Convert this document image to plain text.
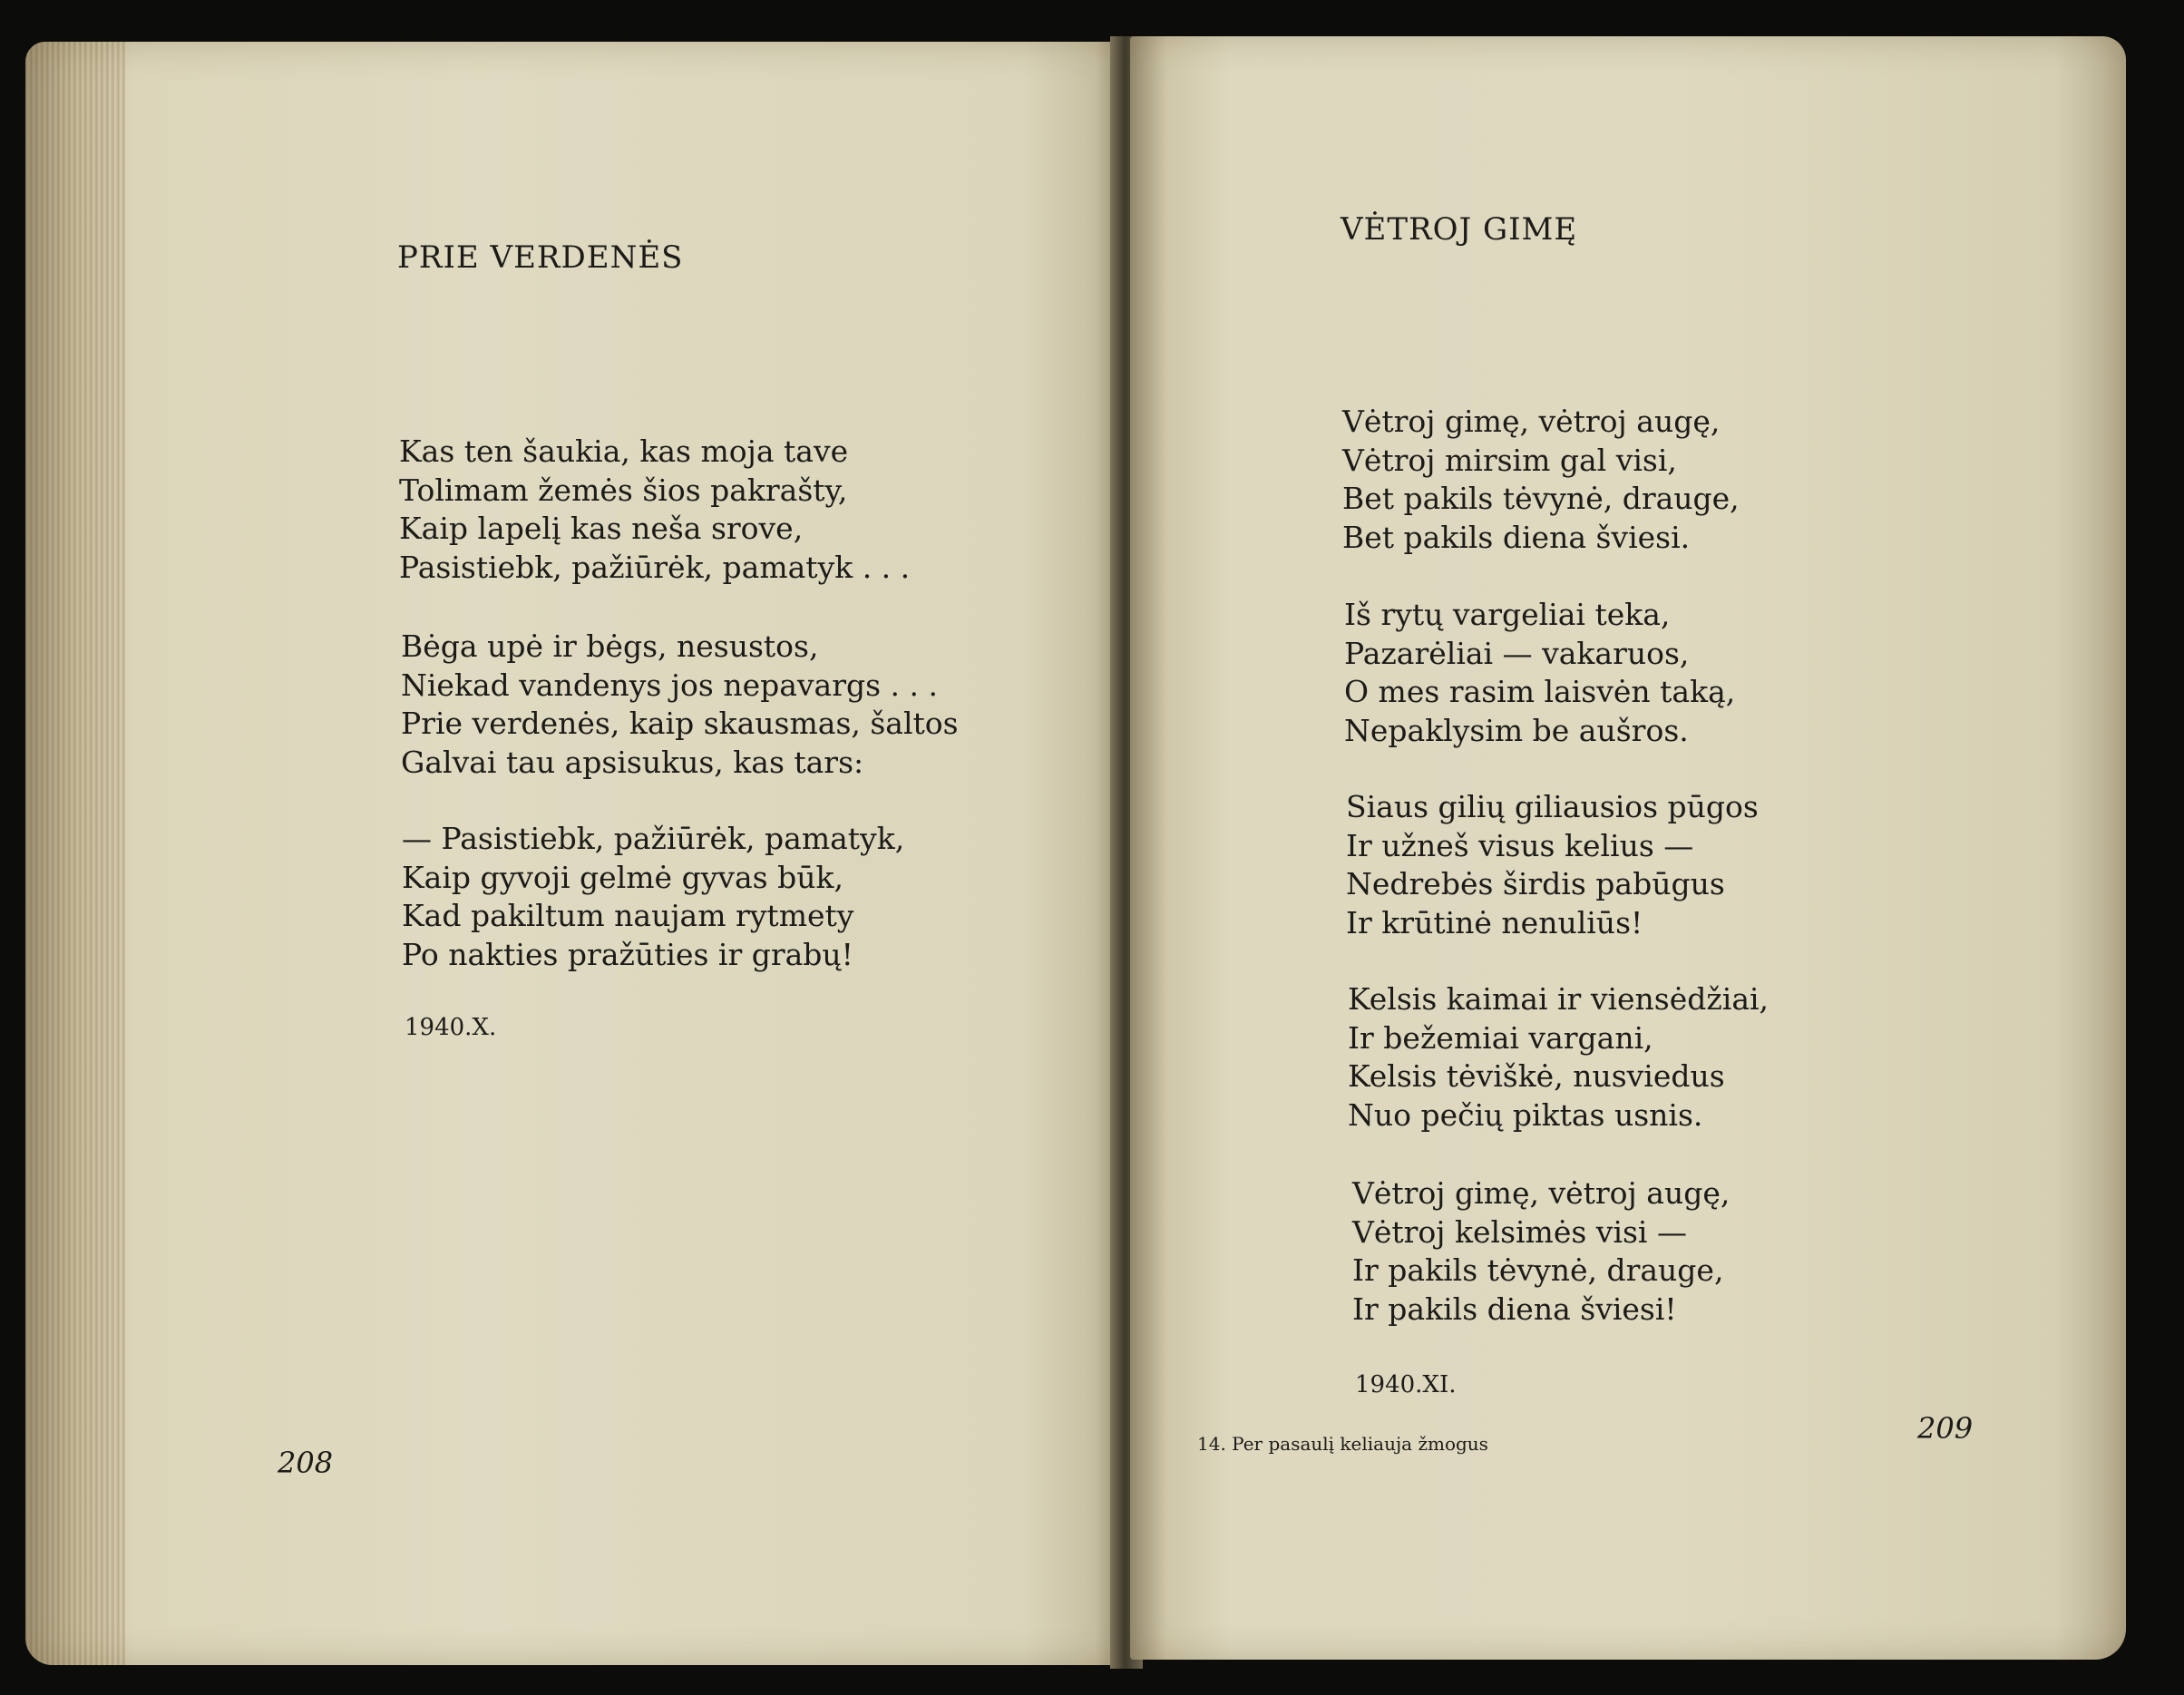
PRIE VERDENĖS
Kas ten šaukia, kas moja tave
Tolimam žemės šios pakrašty,
Kaip lapelį kas neša srove,
Pasistiebk, pažiūrėk, pamatyk . . .
Bėga upė ir bėgs, nesustos,
Niekad vandenys jos nepavargs . . .
Prie verdenės, kaip skausmas, šaltos
Galvai tau apsisukus, kas tars:
— Pasistiebk, pažiūrėk, pamatyk,
Kaip gyvoji gelmė gyvas būk,
Kad pakiltum naujam rytmety
Po nakties pražūties ir grabų!
1940.X.
208
VĖTROJ GIMĘ
Vėtroj gimę, vėtroj augę,
Vėtroj mirsim gal visi,
Bet pakils tėvynė, drauge,
Bet pakils diena šviesi.
Iš rytų vargeliai teka,
Pazarėliai — vakaruos,
O mes rasim laisvėn taką,
Nepaklysim be aušros.
Siaus gilių giliausios pūgos
Ir užneš visus kelius —
Nedrebės širdis pabūgus
Ir krūtinė nenuliūs!
Kelsis kaimai ir viensėdžiai,
Ir bežemiai vargani,
Kelsis tėviškė, nusviedus
Nuo pečių piktas usnis.
Vėtroj gimę, vėtroj augę,
Vėtroj kelsimės visi —
Ir pakils tėvynė, drauge,
Ir pakils diena šviesi!
1940.XI.
14. Per pasaulį keliauja žmogus	209
